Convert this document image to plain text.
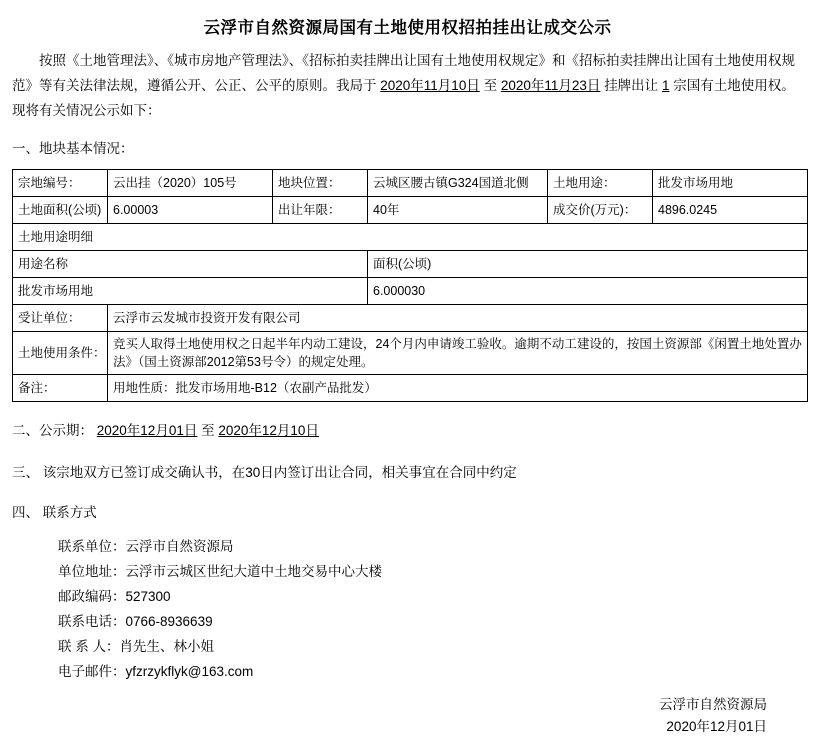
云浮市自然资源局国有土地使用权招拍挂出让成交公示

按照《土地管理法》、《城市房地产管理法》、《招标拍卖挂牌出让国有土地使用权规定》和《招标拍卖挂牌出让国有土地使用权规范》等有关法律法规，遵循公开、公正、公平的原则。我局于 2020年11月10日 至 2020年11月23日 挂牌出让 1 宗国有土地使用权。现将有关情况公示如下：

一、地块基本情况：
宗地编号：	云出挂（2020）105号	地块位置：	云城区腰古镇G324国道北侧	土地用途：	批发市场用地
土地面积(公顷)	6.00003	出让年限：	40年	成交价(万元)：	4896.0245
土地用途明细					
用途名称			面积(公顷)		
批发市场用地			6.000030		
受让单位：	云浮市云发城市投资开发有限公司				
土地使用条件：	竞买人取得土地使用权之日起半年内动工建设，24个月内申请竣工验收。逾期不动工建设的，按国土资源部《闲置土地处置办法》（国土资源部2012第53号令）的规定处理。				
备注：	用地性质：批发市场用地-B12（农副产品批发）				
二、公示期： 2020年12月01日 至 2020年12月10日
三、 该宗地双方已签订成交确认书，在30日内签订出让合同，相关事宜在合同中约定
四、 联系方式
联系单位：云浮市自然资源局
单位地址：云浮市云城区世纪大道中土地交易中心大楼
邮政编码：527300
联系电话：0766-8936639
联 系 人：肖先生、林小姐
电子邮件：yfzrzykflyk@163.com
云浮市自然资源局
2020年12月01日
